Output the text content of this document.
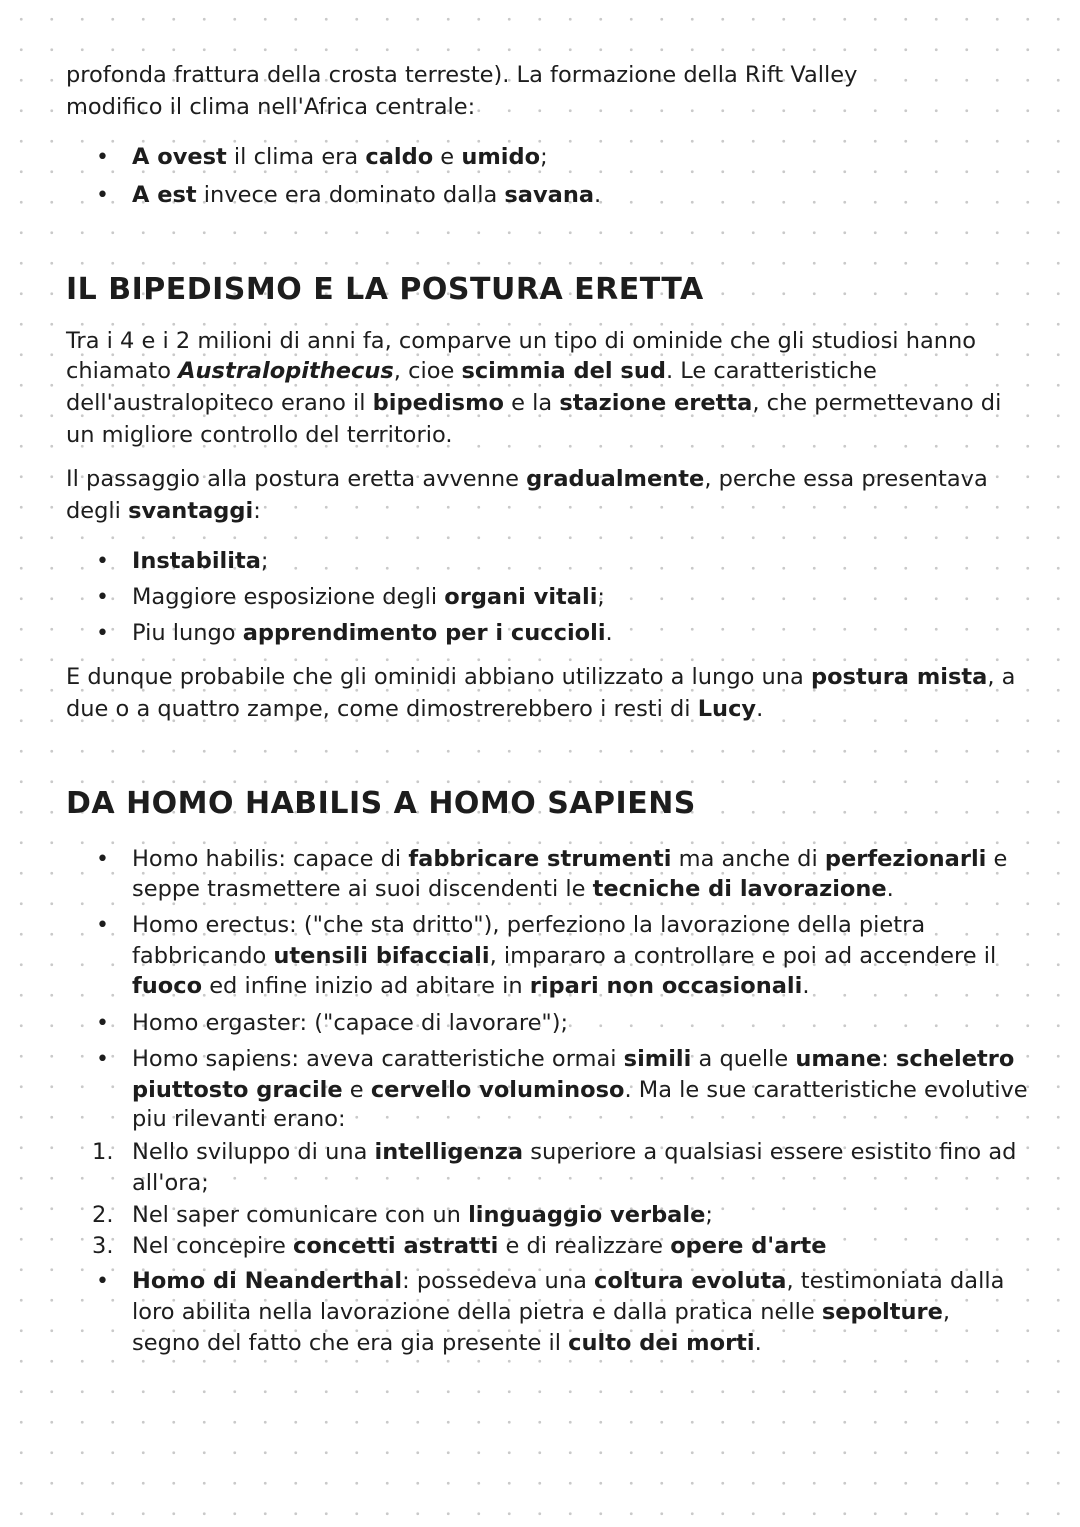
profonda frattura della crosta terreste). La formazione della Rift Valley

modifico il clima nell'Africa centrale:

• A ovest il clima era caldo e umido;

• A est invece era dominato dalla savana.

IL BIPEDISMO E LA POSTURA ERETTA

Tra i 4 e i 2 milioni di anni fa, comparve un tipo di ominide che gli studiosi hanno

chiamato Australopithecus, cioe scimmia del sud. Le caratteristiche

dell'australopiteco erano il bipedismo e la stazione eretta, che permettevano di

un migliore controllo del territorio.

Il passaggio alla postura eretta avvenne gradualmente, perche essa presentava

degli svantaggi:

• Instabilita;

• Maggiore esposizione degli organi vitali;

• Piu lungo apprendimento per i cuccioli.

E dunque probabile che gli ominidi abbiano utilizzato a lungo una postura mista, a

due o a quattro zampe, come dimostrerebbero i resti di Lucy.

DA HOMO HABILIS A HOMO SAPIENS
• Homo habilis: capace di fabbricare strumenti ma anche di perfezionarli e

seppe trasmettere ai suoi discendenti le tecniche di lavorazione.

• Homo erectus: ("che sta dritto"), perfeziono la lavorazione della pietra

fabbricando utensili bifacciali, impararo a controllare e poi ad accendere il

fuoco ed infine inizio ad abitare in ripari non occasionali.

• Homo ergaster: ("capace di lavorare");

• Homo sapiens: aveva caratteristiche ormai simili a quelle umane: scheletro

piuttosto gracile e cervello voluminoso. Ma le sue caratteristiche evolutive

piu rilevanti erano:

1. Nello sviluppo di una intelligenza superiore a qualsiasi essere esistito fino ad

all'ora;

2. Nel saper comunicare con un linguaggio verbale;

3. Nel concepire concetti astratti e di realizzare opere d'arte

• Homo di Neanderthal: possedeva una coltura evoluta, testimoniata dalla

loro abilita nella lavorazione della pietra e dalla pratica nelle sepolture,

segno del fatto che era gia presente il culto dei morti.
